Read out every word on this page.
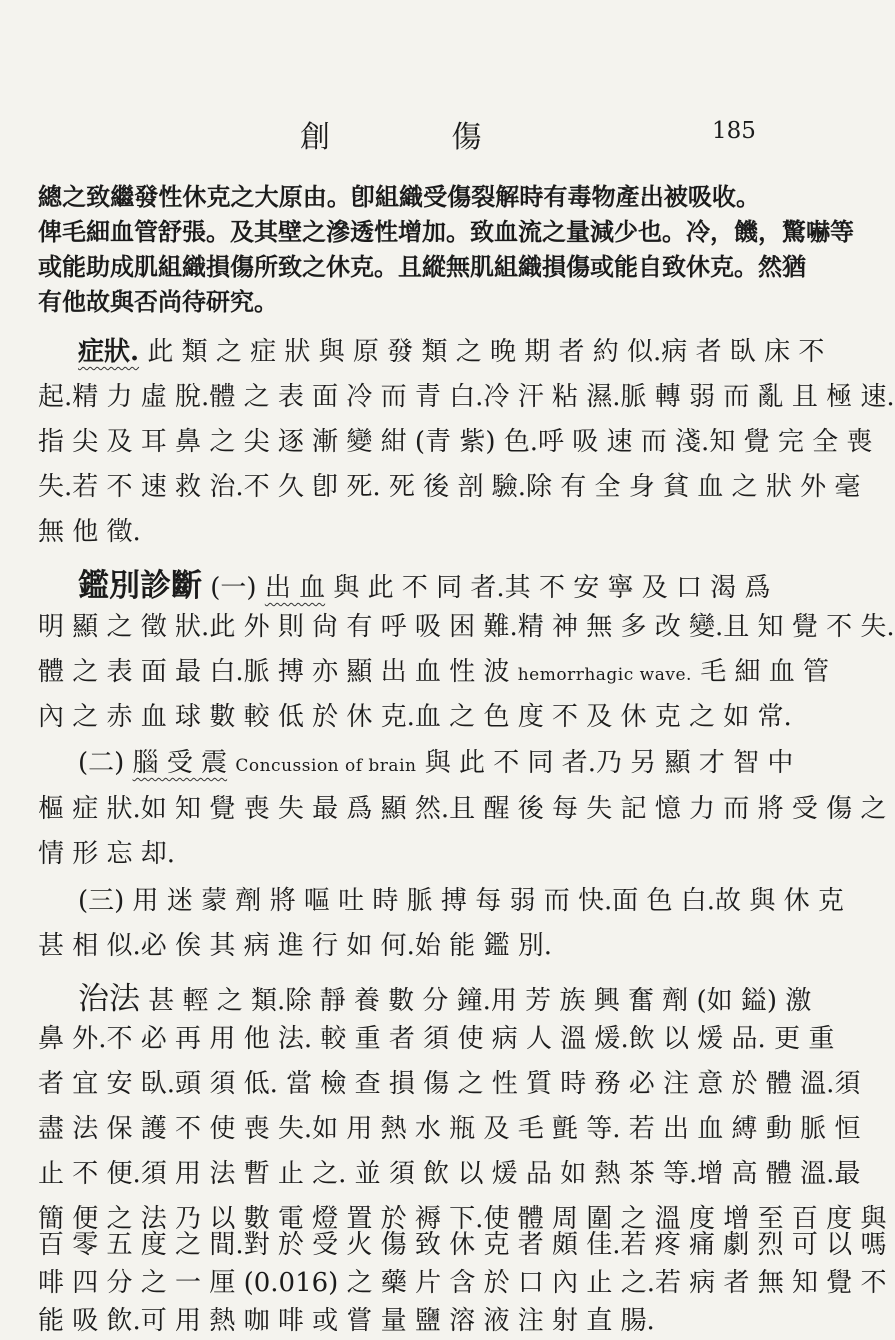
創 傷	185
總之致繼發性休克之大原由。卽組織受傷裂解時有毒物產出被吸收。
俾毛細血管舒張。及其壁之滲透性增加。致血流之量減少也。冷，饑，驚嚇等
或能助成肌組織損傷所致之休克。且縱無肌組織損傷或能自致休克。然猶
有他故與否尚待研究。
症狀. 此 類 之 症 狀 與 原 發 類 之 晚 期 者 約 似.病 者 臥 床 不
起.精 力 虛 脫.體 之 表 面 冷 而 青 白.冷 汗 粘 濕.脈 轉 弱 而 亂 且 極 速.
指 尖 及 耳 鼻 之 尖 逐 漸 變 紺 (青 紫) 色.呼 吸 速 而 淺.知 覺 完 全 喪
失.若 不 速 救 治.不 久 卽 死. 死 後 剖 驗.除 有 全 身 貧 血 之 狀 外 毫
無 他 徵.
鑑別診斷 (一) 出 血 與 此 不 同 者.其 不 安 寧 及 口 渴 爲
明 顯 之 徵 狀.此 外 則 尙 有 呼 吸 困 難.精 神 無 多 改 變.且 知 覺 不 失.
體 之 表 面 最 白.脈 搏 亦 顯 出 血 性 波 hemorrhagic wave. 毛 細 血 管
內 之 赤 血 球 數 較 低 於 休 克.血 之 色 度 不 及 休 克 之 如 常.
(二) 腦 受 震 Concussion of brain 與 此 不 同 者.乃 另 顯 才 智 中
樞 症 狀.如 知 覺 喪 失 最 爲 顯 然.且 醒 後 每 失 記 憶 力 而 將 受 傷 之
情 形 忘 却.
(三) 用 迷 蒙 劑 將 嘔 吐 時 脈 搏 每 弱 而 快.面 色 白.故 與 休 克
甚 相 似.必 俟 其 病 進 行 如 何.始 能 鑑 別.
治法 甚 輕 之 類.除 靜 養 數 分 鐘.用 芳 族 興 奮 劑 (如 鎰) 激
鼻 外.不 必 再 用 他 法. 較 重 者 須 使 病 人 溫 煖.飲 以 煖 品. 更 重
者 宜 安 臥.頭 須 低. 當 檢 查 損 傷 之 性 質 時 務 必 注 意 於 體 溫.須
盡 法 保 護 不 使 喪 失.如 用 熱 水 瓶 及 毛 氈 等. 若 出 血 縛 動 脈 恒
止 不 便.須 用 法 暫 止 之. 並 須 飲 以 煖 品 如 熱 茶 等.增 高 體 溫.最
簡 便 之 法 乃 以 數 電 燈 置 於 褥 下.使 體 周 圍 之 溫 度 增 至 百 度 與
百 零 五 度 之 間.對 於 受 火 傷 致 休 克 者 頗 佳.若 疼 痛 劇 烈 可 以 嗎
啡 四 分 之 一 厘 (0.016) 之 藥 片 含 於 口 內 止 之.若 病 者 無 知 覺 不
能 吸 飲.可 用 熱 咖 啡 或 嘗 量 鹽 溶 液 注 射 直 腸.
